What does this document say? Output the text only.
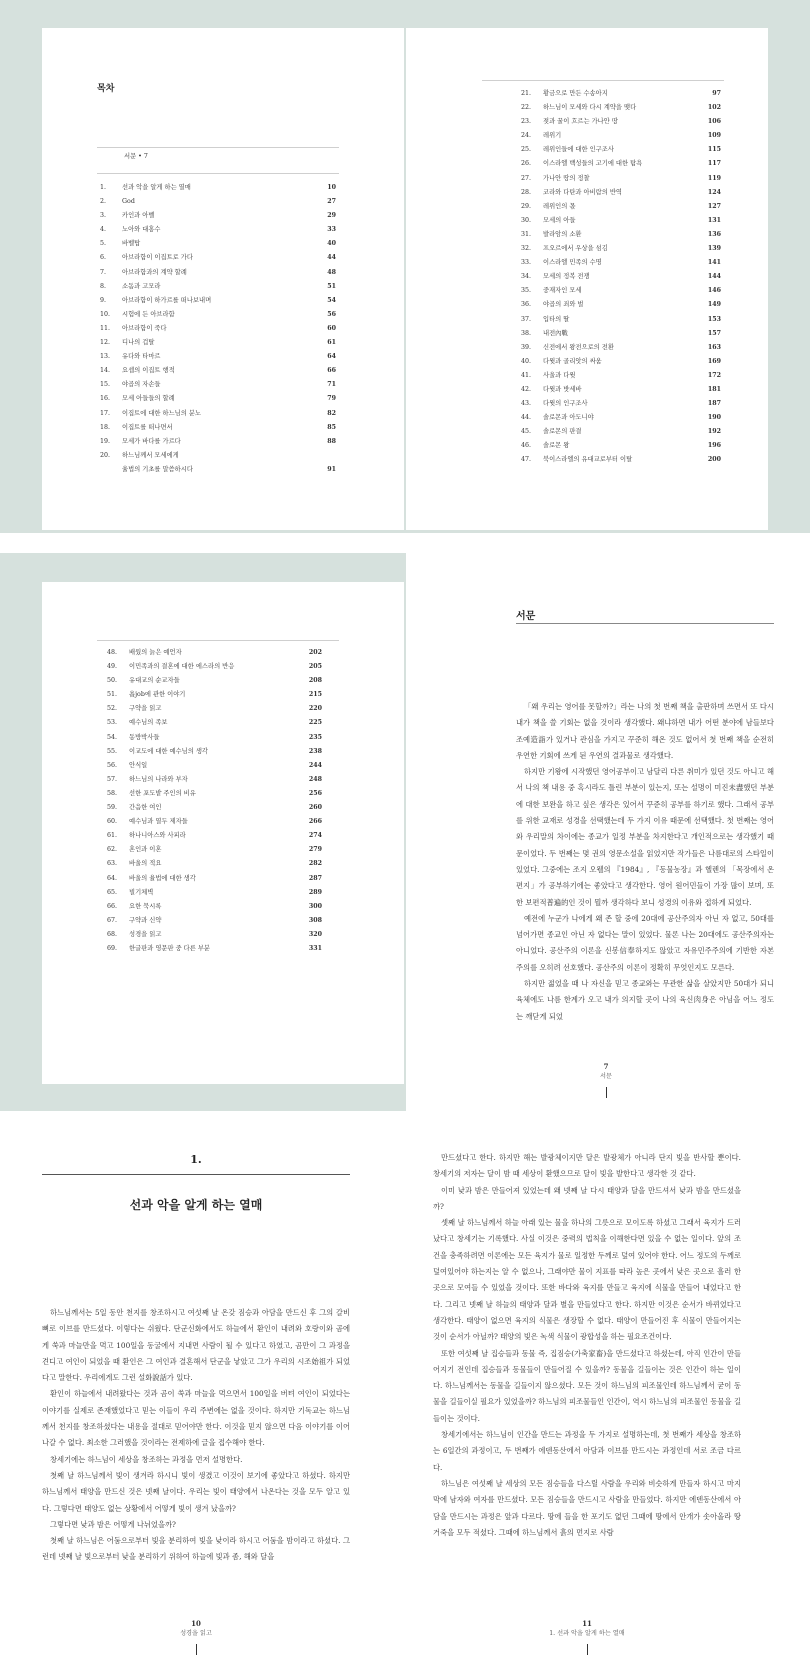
목차
서문 • 7
1.	선과 악을 알게 하는 열매	10
2.	God	27
3.	카인과 아벨	29
4.	노아와 대홍수	33
5.	바벨탑	40
6.	아브라함이 이집트로 가다	44
7.	아브라함과의 계약 할례	48
8.	소돔과 고모라	51
9.	아브라함이 하가르를 떠나보내며	54
10. 시험에 든 아브라함	56
11. 아브라함이 죽다	60
12. 디나의 겁탈	61
13. 유다와 타마르	64
14. 요셉의 이집트 행적	66
15. 야곱의 자손들	71
16. 모세 아들들의 할례	79
17. 이집트에 대한 하느님의 분노	82
18. 이집트를 떠나면서	85
19. 모세가 바다를 가르다	88
20. 하느님께서 모세에게
율법의 기초를 말씀하시다	91
21. 황금으로 만든 수송아지	97
22. 하느님이 모세와 다시 계약을 맺다	102
23. 젖과 꿀이 흐르는 가나안 땅	106
24. 레위기	109
25. 레위인들에 대한 인구조사	115
26. 이스라엘 백성들의 고기에 대한 탐욕	117
27. 가나안 땅의 정찰	119
28. 코라와 다탄과 아비람의 반역	124
29. 레위인의 몫	127
30. 모세의 아들	131
31. 발라암의 소환	136
32. 프오르에서 우상을 섬김	139
33. 이스라엘 민족의 수명	141
34. 모세의 정복 전쟁	144
35. 중재자인 모세	146
36. 야곱의 죄와 벌	149
37. 입타의 딸	153
38. 내전內戰	157
39. 신전에서 왕전으로의 전환	163
40. 다윗과 골리앗의 싸움	169
41. 사울과 다윗	172
42. 다윗과 밧세바	181
43. 다윗의 인구조사	187
44. 솔로몬과 아도니야	190
45. 솔로몬의 판결	192
46. 솔로몬 왕	196
47. 북이스라엘의 유대교로부터 이탈	200
48. 배웠의 늙은 예언자	202
49. 이민족과의 결혼에 대한 에스라의 반응	205
50. 유대교의 순교자들	208
51. 욥job에 관한 이야기	215
52. 구약을 읽고	220
53. 예수님의 족보	225
54. 동방박사들	235
55. 이교도에 대한 예수님의 생각	238
56. 안식일	244
57. 하느님의 나라와 부자	248
58. 선한 포도밭 주인의 비유	256
59. 간음한 여인	260
60. 예수님과 열두 제자들	266
61. 하나니아스와 사피라	274
62. 혼인과 이혼	279
63. 바울의 적요	282
64. 바울의 율법에 대한 생각	287
65. 빌기체벽	289
66. 요한 묵시록	300
67. 구약과 신약	308
68. 성경을 읽고	320
69. 한글판과 영문판 중 다른 부분	331
서문

「왜 우리는 영어를 못할까?」라는 나의 첫 번째 책을 출판하며 쓰면서 또 다시 내가 책을 쓸 기회는 없을 것이라 생각했다. 왜냐하면 내가 어떤 분야에 남들보다 조예造詣가 있거나 관심을 가지고 꾸준히 해온 것도 없어서 첫 번째 책을 순전히 우연한 기회에 쓰게 된 우연의 결과물로 생각했다.

하지만 기왕에 시작했던 영어공부이고 남달리 다른 취미가 있던 것도 아니고 해서 나의 책 내용 중 혹시라도 틀린 부분이 있는지, 또는 설명이 미진未盡했던 부분에 대한 보완을 하고 싶은 생각은 있어서 꾸준히 공부를 하기로 했다. 그래서 공부를 위한 교재로 성경을 선택했는데 두 가지 이유 때문에 선택했다. 첫 번째는 영어와 우리말의 차이에는 종교가 일정 부분을 차지한다고 개인적으로는 생각했기 때문이었다. 두 번째는 몇 권의 영문소설을 읽었지만 작가들은 나름대로의 스타일이 있었다. 그중에는 조지 오웰의 『1984』, 『동물농장』과 헬렌의 「목장에서 온 편지」가 공부하기에는 좋았다고 생각한다. 영어 원어민들이 가장 많이 보며, 또한 보편적普遍的인 것이 뭘까 생각하다 보니 성경의 이유와 접하게 되었다.

예전에 누군가 나에게 왜 존 할 중에 20대에 공산주의자 아닌 자 없고, 50대를 넘어가면 종교인 아닌 자 없다는 말이 있었다. 물론 나는 20대에도 공산주의자는 아니었다. 공산주의 이론을 신봉信奉하지도 않았고 자유민주주의에 기반한 자본주의를 오히려 선호했다. 공산주의 이론이 정확히 무엇인지도 모른다.

하지만 젊었을 때 나 자신을 믿고 종교와는 무관한 삶을 살았지만 50대가 되니 육체에도 나름 한계가 오고 내가 의지할 곳이 나의 육신肉身은 아님을 어느 정도는 깨닫게 되었

7
서문
1.
선과 악을 알게 하는 열매

하느님께서는 5일 동안 천지를 창조하시고 여섯째 날 온갖 짐승과 아담을 만드신 후 그의 갈비뼈로 이브를 만드셨다. 이렇다는 쉬웠다. 단군신화에서도 하늘에서 환인이 내려와 호랑이와 곰에게 쑥과 마늘만을 먹고 100일을 동굴에서 지내면 사람이 될 수 있다고 하였고, 곰만이 그 과정을 견디고 여인이 되었을 때 환인은 그 여인과 결혼해서 단군을 낳았고 그가 우리의 시조始祖가 되었다고 말한다. 우리에게도 그런 설화說話가 있다.

환인이 하늘에서 내려왔다는 것과 곰이 쑥과 마늘을 먹으면서 100일을 버텨 여인이 되었다는 이야기를 실제로 존재했었다고 믿는 이들이 우리 주변에는 없을 것이다. 하지만 기독교는 하느님께서 천지를 창조하셨다는 내용을 절대로 믿어야만 한다. 이것을 믿지 않으면 다음 이야기를 이어 나갈 수 없다. 최소한 그러했을 것이라는 전제하에 글을 접수해야 한다.

창세기에는 하느님이 세상을 창조하는 과정을 먼저 설명한다.

첫째 날 하느님께서 빛이 생겨라 하시니 빛이 생겼고 이것이 보기에 좋았다고 하셨다. 하지만 하느님께서 태양을 만드신 것은 넷째 날이다. 우리는 빛이 태양에서 나온다는 것을 모두 알고 있다. 그렇다면 태양도 없는 상황에서 어떻게 빛이 생겨 났을까?

그렇다면 낮과 밤은 어떻게 나뉘었을까?

첫째 날 하느님은 어둠으로부터 빛을 분리하여 빛을 낮이라 하시고 어둠을 밤이라고 하셨다. 그런데 넷째 날 빛으로부터 낮을 분리하기 위하여 하늘에 빛과 좀, 해와 달을

10
성경을 읽고

만드셨다고 한다. 하지만 해는 발광체이지만 달은 발광체가 아니라 단지 빛을 반사할 뿐이다. 창세기의 저자는 달이 밤 때 세상이 환했으므로 달이 빛을 발한다고 생각한 것 같다.

이미 낮과 밤은 만들어져 있었는데 왜 넷째 날 다시 태양과 달을 만드셔서 낮과 밤을 만드셨을까?

셋째 날 하느님께서 하늘 아래 있는 물을 하나의 그릇으로 모이도록 하셨고 그래서 육지가 드러났다고 창세기는 기록했다. 사실 이것은 중력의 법칙을 이해한다면 있을 수 없는 일이다. 앞의 조건을 충족하려면 이론에는 모든 육지가 물로 일정한 두께로 덮여 있어야 한다. 어느 정도의 두께로 덮여있어야 하는지는 알 수 없으나, 그래야만 물이 지표를 따라 높은 곳에서 낮은 곳으로 흘러 한 곳으로 모여들 수 있었을 것이다. 또한 바다와 육지를 만들고 육지에 식물을 만들어 내었다고 한다. 그리고 넷째 날 하늘의 태양과 달과 별을 만들었다고 한다. 하지만 이것은 순서가 바뀌었다고 생각한다. 태양이 없으면 육지의 식물은 생장할 수 없다. 태양이 만들어진 후 식물이 만들어지는 것이 순서가 아닐까? 태양의 빛은 녹색 식물이 광합성을 하는 필요조건이다.

또한 여섯째 날 집승들과 동물 즉, 집짐승(가축家畜)을 만드셨다고 하셨는데, 아직 인간이 만들어지기 전인데 집승들과 동물들이 만들어질 수 있을까? 동물을 길들이는 것은 인간이 하는 일이다. 하느님께서는 동물을 길들이지 않으셨다. 모든 것이 하느님의 피조물인데 하느님께서 굳이 동물을 길들이실 필요가 있었을까? 하느님의 피조물들인 인간이, 역시 하느님의 피조물인 동물을 길들이는 것이다.

창세기에서는 하느님이 인간을 만드는 과정을 두 가지로 설명하는데, 첫 번째가 세상을 창조하는 6일간의 과정이고, 두 번째가 에덴동산에서 아담과 이브를 만드시는 과정인데 서로 조금 다르다.

하느님은 여섯째 날 세상의 모든 짐승들을 다스릴 사람을 우리와 비슷하게 만들자 하시고 마지막에 남자와 여자를 만드셨다. 모든 짐승들을 만드시고 사람을 만들었다. 하지만 에덴동산에서 아담을 만드시는 과정은 앞과 다르다. 땅에 들을 한 포기도 없던 그때에 땅에서 안개가 솟아올라 땅거죽을 모두 적셨다. 그때에 하느님께서 흙의 먼지로 사람

11
1. 선과 악을 알게 하는 열매
